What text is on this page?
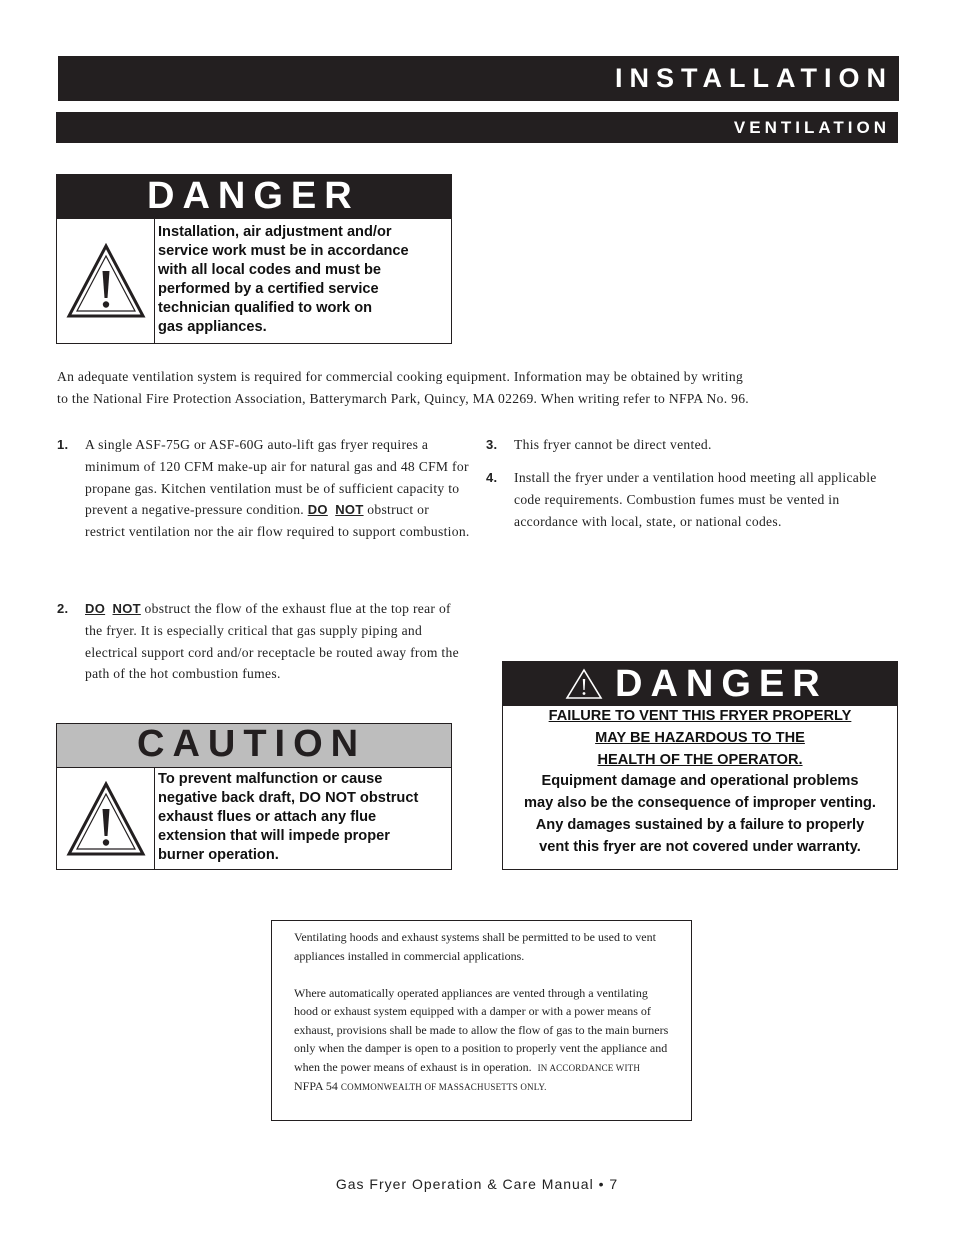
INSTALLATION
VENTILATION
DANGER
Installation, air adjustment and/or
service work must be in accordance
with all local codes and must be
performed by a certified service
technician qualified to work on
gas appliances.
An adequate ventilation system is required for commercial cooking equipment. Information may be obtained by writing
to the National Fire Protection Association, Batterymarch Park, Quincy, MA 02269. When writing refer to NFPA No. 96.
1. A single ASF-75G or ASF-60G auto-lift gas fryer requires a minimum of 120 CFM make-up air for natural gas and 48 CFM for propane gas. Kitchen ventilation must be of sufficient capacity to prevent a negative-pressure condition. DO NOT obstruct or restrict ventilation nor the air flow required to support combustion.
2. DO NOT obstruct the flow of the exhaust flue at the top rear of the fryer. It is especially critical that gas supply piping and electrical support cord and/or receptacle be routed away from the path of the hot combustion fumes.
3. This fryer cannot be direct vented.
4. Install the fryer under a ventilation hood meeting all applicable code requirements. Combustion fumes must be vented in accordance with local, state, or national codes.
CAUTION
To prevent malfunction or cause
negative back draft, DO NOT obstruct
exhaust flues or attach any flue
extension that will impede proper
burner operation.
DANGER
FAILURE TO VENT THIS FRYER PROPERLY
MAY BE HAZARDOUS TO THE
HEALTH OF THE OPERATOR.
Equipment damage and operational problems
may also be the consequence of improper venting.
Any damages sustained by a failure to properly
vent this fryer are not covered under warranty.

Ventilating hoods and exhaust systems shall be permitted to be used to vent appliances installed in commercial applications.

Where automatically operated appliances are vented through a ventilating hood or exhaust system equipped with a damper or with a power means of exhaust, provisions shall be made to allow the flow of gas to the main burners only when the damper is open to a position to properly vent the appliance and when the power means of exhaust is in operation. IN ACCORDANCE WITH NFPA 54 COMMONWEALTH OF MASSACHUSETTS ONLY.

Gas Fryer Operation & Care Manual • 7
